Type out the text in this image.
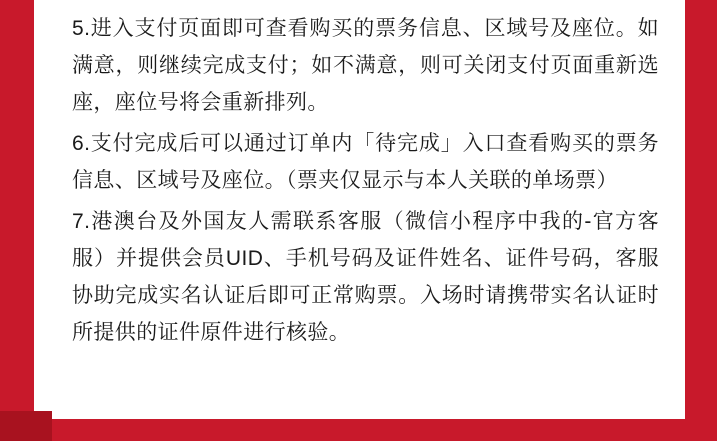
5.进入支付页面即可查看购买的票务信息、区域号及座位。如满意，则继续完成支付；如不满意，则可关闭支付页面重新选座，座位号将会重新排列。

6.支付完成后可以通过订单内「待完成」入口查看购买的票务信息、区域号及座位。（票夹仅显示与本人关联的单场票）

7.港澳台及外国友人需联系客服（微信小程序中我的-官方客服）并提供会员UID、手机号码及证件姓名、证件号码，客服协助完成实名认证后即可正常购票。入场时请携带实名认证时所提供的证件原件进行核验。
